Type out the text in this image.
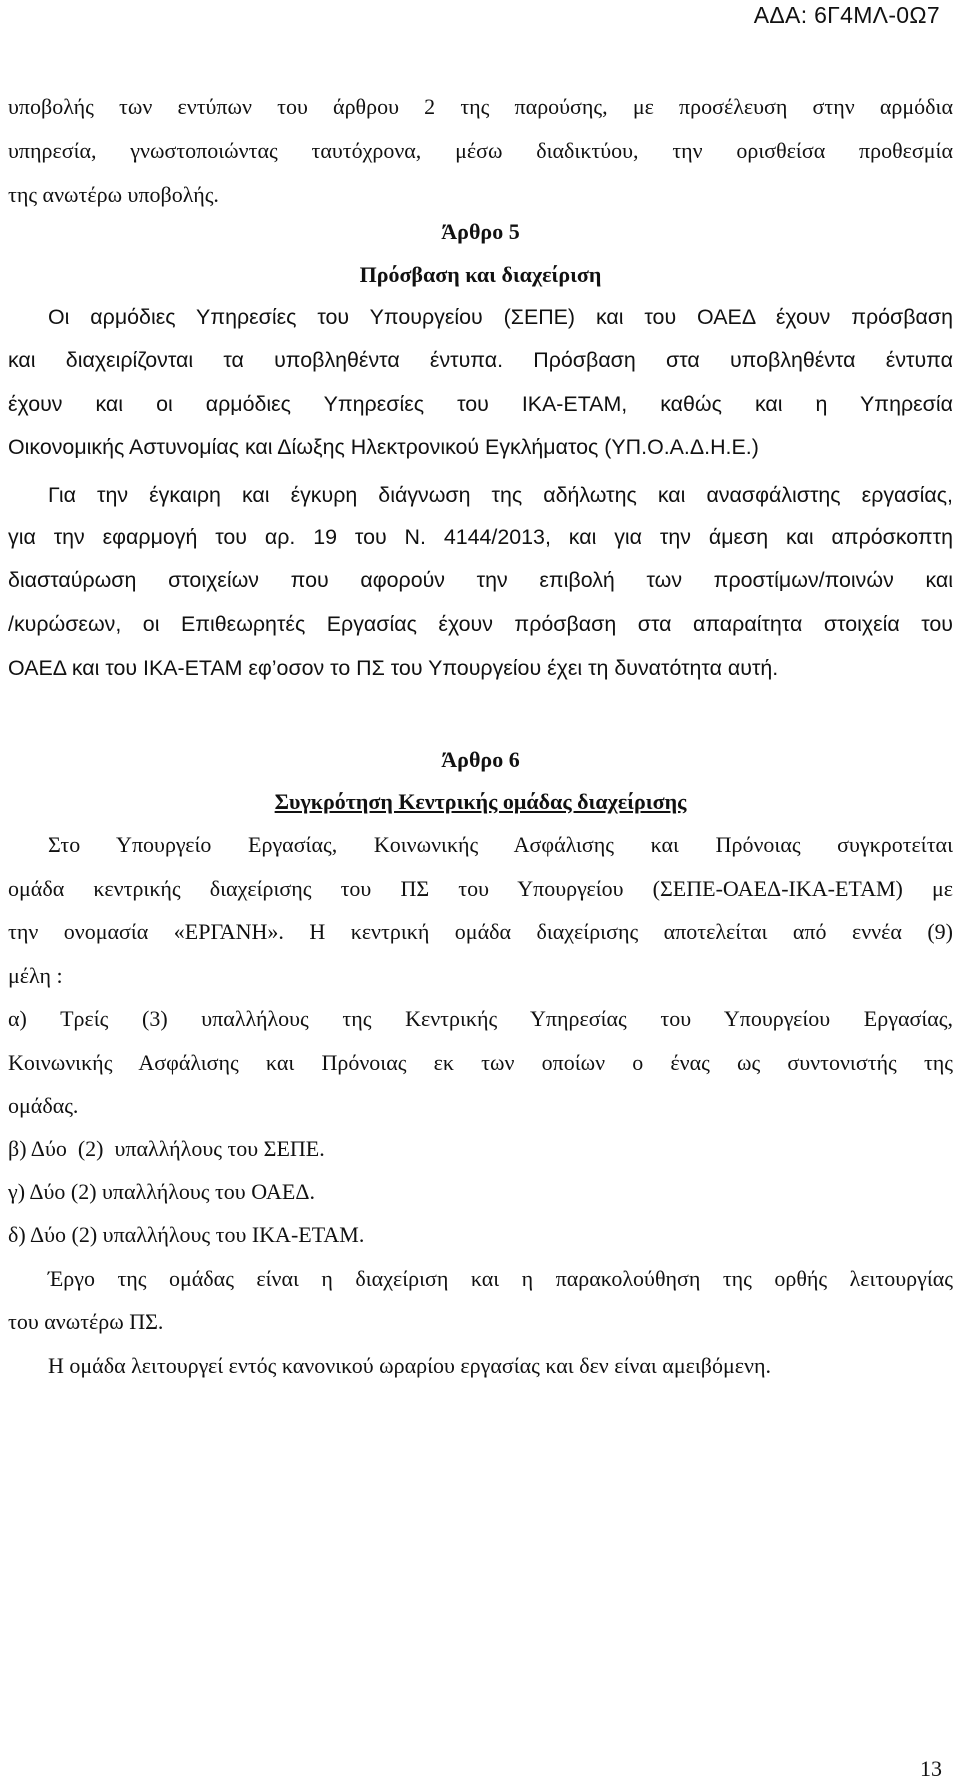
ΑΔΑ: 6Γ4ΜΛ-0Ω7
υποβολής των εντύπων του άρθρου 2 της παρούσης, με προσέλευση στην αρμόδια
υπηρεσία, γνωστοποιώντας ταυτόχρονα, μέσω διαδικτύου, την ορισθείσα προθεσμία
της ανωτέρω υποβολής.
Άρθρο 5
Πρόσβαση και διαχείριση
Οι αρμόδιες Υπηρεσίες του Υπουργείου (ΣΕΠΕ) και του ΟΑΕΔ έχουν πρόσβαση
και διαχειρίζονται τα υποβληθέντα έντυπα. Πρόσβαση στα υποβληθέντα έντυπα
έχουν και οι αρμόδιες Υπηρεσίες του ΙΚΑ-ΕΤΑΜ, καθώς και η Υπηρεσία
Οικονομικής Αστυνομίας και Δίωξης Ηλεκτρονικού Εγκλήματος (ΥΠ.Ο.Α.Δ.Η.Ε.)
Για την έγκαιρη και έγκυρη διάγνωση της αδήλωτης και ανασφάλιστης εργασίας,
για την εφαρμογή του αρ. 19 του Ν. 4144/2013, και για την άμεση και απρόσκοπτη
διασταύρωση στοιχείων που αφορούν την επιβολή των προστίμων/ποινών και
/κυρώσεων, οι Επιθεωρητές Εργασίας έχουν πρόσβαση στα απαραίτητα στοιχεία του
ΟΑΕΔ και του ΙΚΑ-ΕΤΑΜ εφ’οσον το ΠΣ του Υπουργείου έχει τη δυνατότητα αυτή.
Άρθρο 6
Συγκρότηση Κεντρικής ομάδας διαχείρισης
Στο Υπουργείο Εργασίας, Κοινωνικής Ασφάλισης και Πρόνοιας συγκροτείται
ομάδα κεντρικής διαχείρισης του ΠΣ του Υπουργείου (ΣΕΠΕ-ΟΑΕΔ-ΙΚΑ-ΕΤΑΜ) με
την ονομασία «ΕΡΓΑΝΗ». Η κεντρική ομάδα διαχείρισης αποτελείται από εννέα (9)
μέλη :
α) Τρείς (3) υπαλλήλους της Κεντρικής Υπηρεσίας του Υπουργείου Εργασίας,
Κοινωνικής Ασφάλισης και Πρόνοιας εκ των οποίων ο ένας ως συντονιστής της
ομάδας.
β) Δύο  (2)  υπαλλήλους του ΣΕΠΕ.
γ) Δύο (2) υπαλλήλους του ΟΑΕΔ.
δ) Δύο (2) υπαλλήλους του ΙΚΑ-ΕΤΑΜ.
Έργο της ομάδας είναι η διαχείριση και η παρακολούθηση της ορθής λειτουργίας
του ανωτέρω ΠΣ.
Η ομάδα λειτουργεί εντός κανονικού ωραρίου εργασίας και δεν είναι αμειβόμενη.
13
